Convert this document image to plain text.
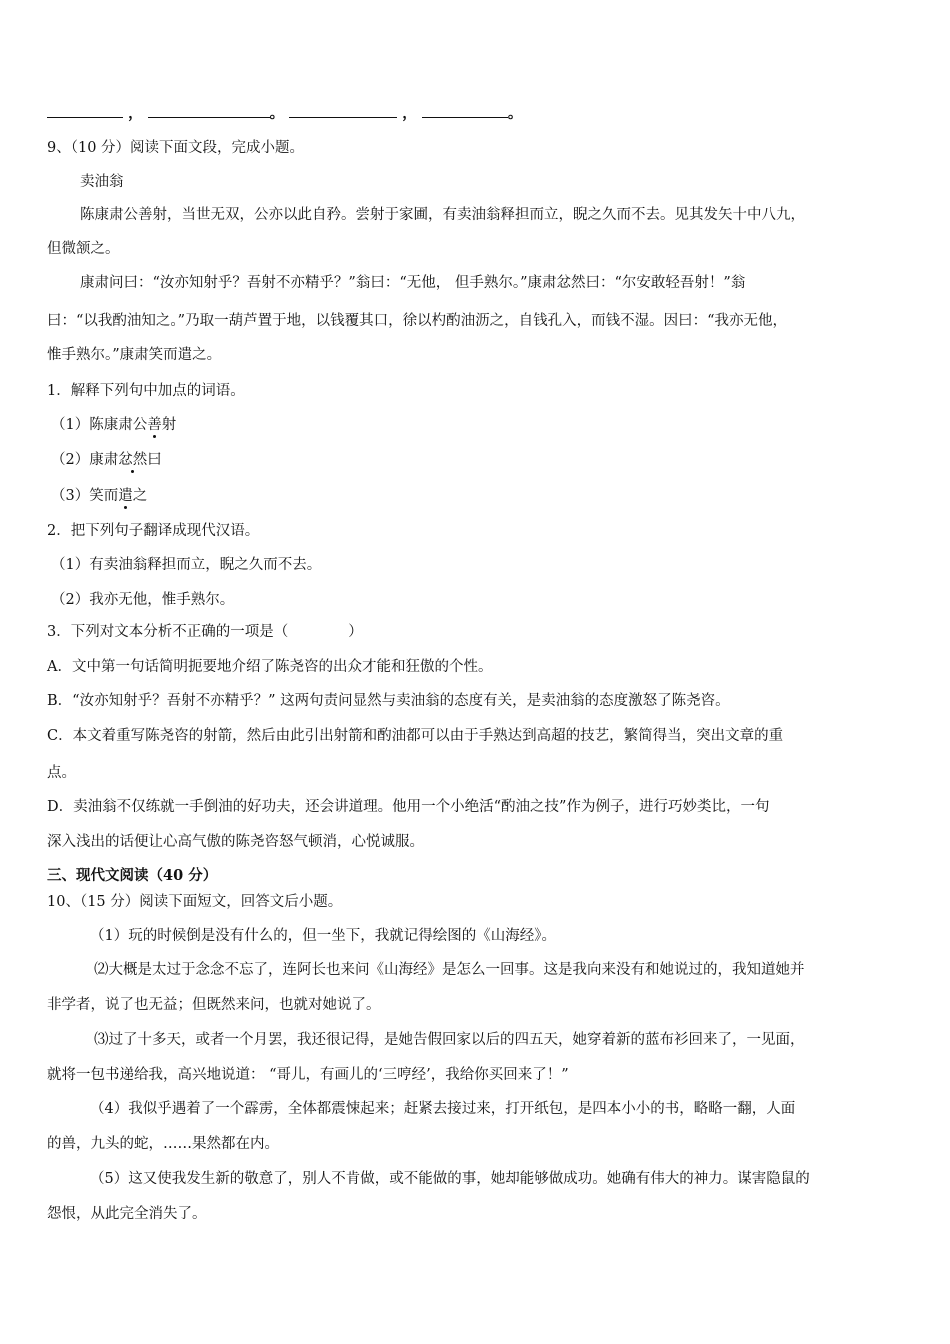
，	。	，	。
9、（10 分）阅读下面文段，完成小题。
卖油翁
陈康肃公善射，当世无双，公亦以此自矜。尝射于家圃，有卖油翁释担而立，睨之久而不去。见其发矢十中八九，
但微颔之。
康肃问曰：“汝亦知射乎？吾射不亦精乎？”翁曰：“无他， 但手熟尔。”康肃忿然曰：“尔安敢轻吾射！”翁
曰：“以我酌油知之。”乃取一葫芦置于地，以钱覆其口，徐以杓酌油沥之，自钱孔入，而钱不湿。因曰：“我亦无他，
惟手熟尔。”康肃笑而遣之。
1．解释下列句中加点的词语。
（1）陈康肃公善射
（2）康肃忿然曰
（3）笑而遣之
2．把下列句子翻译成现代汉语。
（1）有卖油翁释担而立，睨之久而不去。
（2）我亦无他，惟手熟尔。
3．下列对文本分析不正确的一项是（	）
A．文中第一句话简明扼要地介绍了陈尧咨的出众才能和狂傲的个性。
B．“汝亦知射乎？吾射不亦精乎？” 这两句责问显然与卖油翁的态度有关，是卖油翁的态度激怒了陈尧咨。
C．本文着重写陈尧咨的射箭，然后由此引出射箭和酌油都可以由于手熟达到高超的技艺，繁简得当，突出文章的重
点。
D．卖油翁不仅练就一手倒油的好功夫，还会讲道理。他用一个小绝活“酌油之技”作为例子，进行巧妙类比，一句
深入浅出的话便让心高气傲的陈尧咨怒气顿消，心悦诚服。
三、现代文阅读（40 分）
10、（15 分）阅读下面短文，回答文后小题。
（1）玩的时候倒是没有什么的，但一坐下，我就记得绘图的《山海经》。
⑵大概是太过于念念不忘了，连阿长也来问《山海经》是怎么一回事。这是我向来没有和她说过的，我知道她并
非学者，说了也无益；但既然来问，也就对她说了。
⑶过了十多天，或者一个月罢，我还很记得，是她告假回家以后的四五天，她穿着新的蓝布衫回来了，一见面，
就将一包书递给我，高兴地说道： “哥儿，有画儿的‘三哼经’，我给你买回来了！”
（4）我似乎遇着了一个霹雳，全体都震悚起来；赶紧去接过来，打开纸包，是四本小小的书，略略一翻，人面
的兽，九头的蛇，……果然都在内。
（5）这又使我发生新的敬意了，别人不肯做，或不能做的事，她却能够做成功。她确有伟大的神力。谋害隐鼠的
怨恨，从此完全消失了。
